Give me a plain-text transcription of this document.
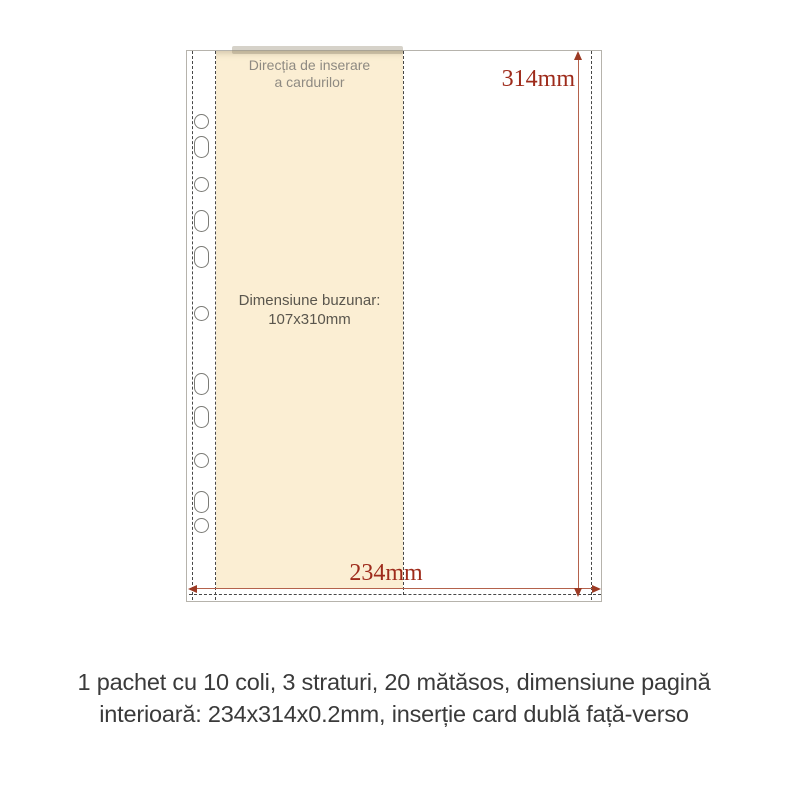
Direcția de inserare
a cardurilor
Dimensiune buzunar:
107x310mm
314mm
234mm
1 pachet cu 10 coli, 3 straturi, 20 mătăsos, dimensiune pagină
interioară: 234x314x0.2mm, inserție card dublă față-verso
